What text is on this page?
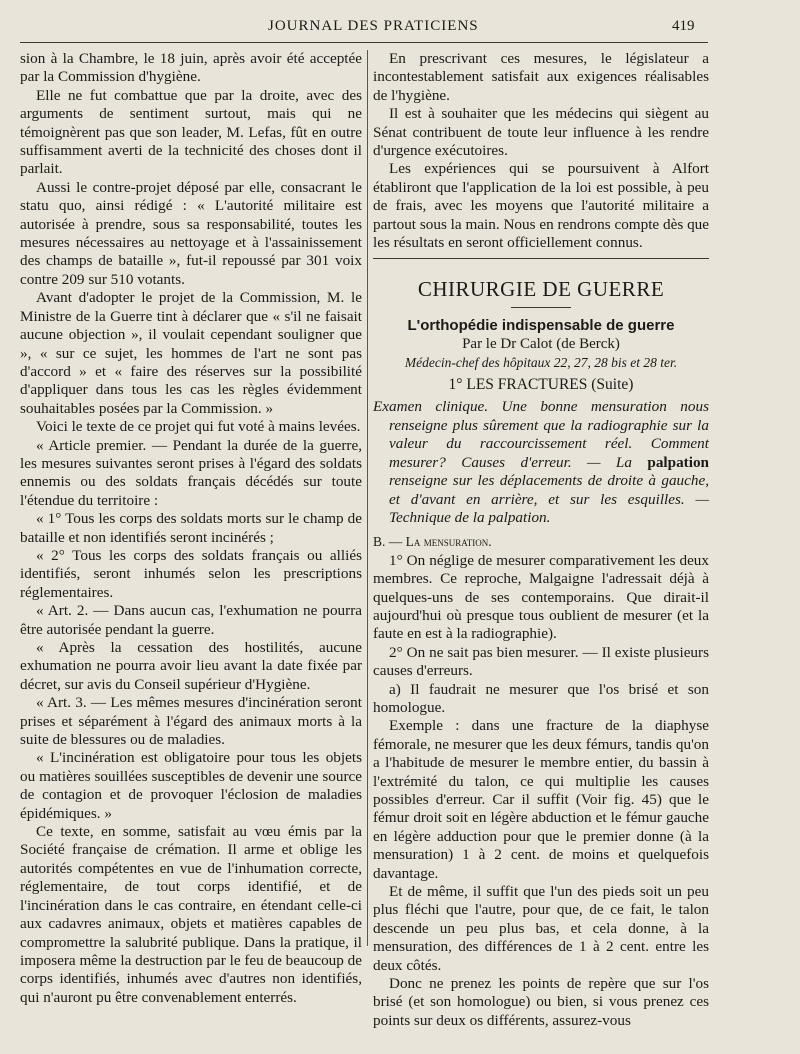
JOURNAL DES PRATICIENS	419

sion à la Chambre, le 18 juin, après avoir été acceptée par la Commission d'hygiène.

Elle ne fut combattue que par la droite, avec des arguments de sentiment surtout, mais qui ne témoignèrent pas que son leader, M. Lefas, fût en outre suffisamment averti de la technicité des choses dont il parlait.

Aussi le contre-projet déposé par elle, consacrant le statu quo, ainsi rédigé : « L'autorité militaire est autorisée à prendre, sous sa responsabilité, toutes les mesures nécessaires au nettoyage et à l'assainissement des champs de bataille », fut-il repoussé par 301 voix contre 209 sur 510 votants.

Avant d'adopter le projet de la Commission, M. le Ministre de la Guerre tint à déclarer que « s'il ne faisait aucune objection », il voulait cependant souligner que », « sur ce sujet, les hommes de l'art ne sont pas d'accord » et « faire des réserves sur la possibilité d'appliquer dans tous les cas les règles évidemment souhaitables posées par la Commission. »

Voici le texte de ce projet qui fut voté à mains levées.

« Article premier. — Pendant la durée de la guerre, les mesures suivantes seront prises à l'égard des soldats ennemis ou des soldats français décédés sur toute l'étendue du territoire :

« 1° Tous les corps des soldats morts sur le champ de bataille et non identifiés seront incinérés ;

« 2° Tous les corps des soldats français ou alliés identifiés, seront inhumés selon les prescriptions réglementaires.

« Art. 2. — Dans aucun cas, l'exhumation ne pourra être autorisée pendant la guerre.

« Après la cessation des hostilités, aucune exhumation ne pourra avoir lieu avant la date fixée par décret, sur avis du Conseil supérieur d'Hygiène.

« Art. 3. — Les mêmes mesures d'incinération seront prises et séparément à l'égard des animaux morts à la suite de blessures ou de maladies.

« L'incinération est obligatoire pour tous les objets ou matières souillées susceptibles de devenir une source de contagion et de provoquer l'éclosion de maladies épidémiques. »

Ce texte, en somme, satisfait au vœu émis par la Société française de crémation. Il arme et oblige les autorités compétentes en vue de l'inhumation correcte, réglementaire, de tout corps identifié, et de l'incinération dans le cas contraire, en étendant celle-ci aux cadavres animaux, objets et matières capables de compromettre la salubrité publique. Dans la pratique, il imposera même la destruction par le feu de beaucoup de corps identifiés, inhumés avec d'autres non identifiés, qui n'auront pu être convenablement enterrés.

En prescrivant ces mesures, le législateur a incontestablement satisfait aux exigences réalisables de l'hygiène.

Il est à souhaiter que les médecins qui siègent au Sénat contribuent de toute leur influence à les rendre d'urgence exécutoires.

Les expériences qui se poursuivent à Alfort établiront que l'application de la loi est possible, à peu de frais, avec les moyens que l'autorité militaire a partout sous la main. Nous en rendrons compte dès que les résultats en seront officiellement connus.

CHIRURGIE DE GUERRE
L'orthopédie indispensable de guerre
Par le Dr Calot (de Berck)
Médecin-chef des hôpitaux 22, 27, 28 bis et 28 ter.
1° LES FRACTURES (Suite)

Examen clinique. Une bonne mensuration nous renseigne plus sûrement que la radiographie sur la valeur du raccourcissement réel. Comment mesurer? Causes d'erreur. — La palpation renseigne sur les déplacements de droite à gauche, et d'avant en arrière, et sur les esquilles. — Technique de la palpation.

B. — La mensuration.

1° On néglige de mesurer comparativement les deux membres. Ce reproche, Malgaigne l'adressait déjà à quelques-uns de ses contemporains. Que dirait-il aujourd'hui où presque tous oublient de mesurer (et la faute en est à la radiographie).

2° On ne sait pas bien mesurer. — Il existe plusieurs causes d'erreurs.

a) Il faudrait ne mesurer que l'os brisé et son homologue.

Exemple : dans une fracture de la diaphyse fémorale, ne mesurer que les deux fémurs, tandis qu'on a l'habitude de mesurer le membre entier, du bassin à l'extrémité du talon, ce qui multiplie les causes possibles d'erreur. Car il suffit (Voir fig. 45) que le fémur droit soit en légère abduction et le fémur gauche en légère adduction pour que le premier donne (à la mensuration) 1 à 2 cent. de moins et quelquefois davantage.

Et de même, il suffit que l'un des pieds soit un peu plus fléchi que l'autre, pour que, de ce fait, le talon descende un peu plus bas, et cela donne, à la mensuration, des différences de 1 à 2 cent. entre les deux côtés.

Donc ne prenez les points de repère que sur l'os brisé (et son homologue) ou bien, si vous prenez ces points sur deux os différents, assurez-vous
